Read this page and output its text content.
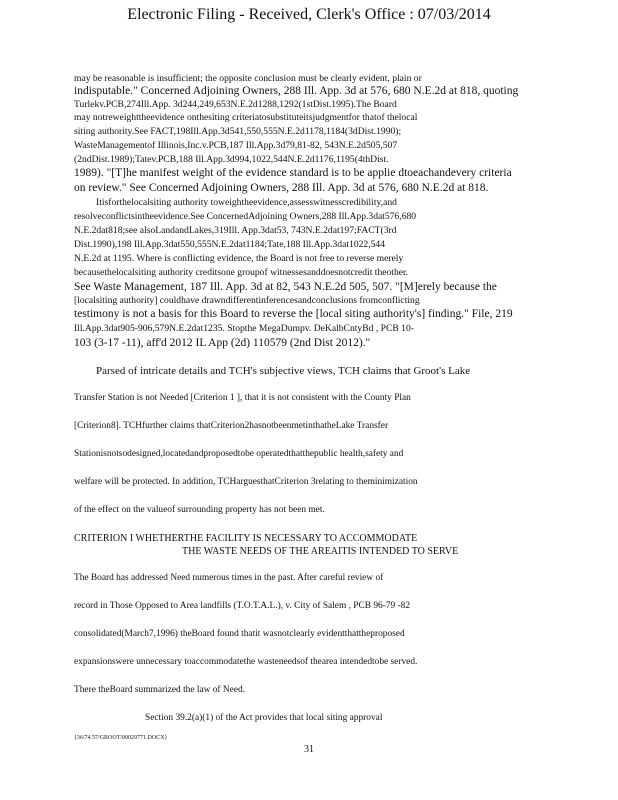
Electronic Filing - Received, Clerk's Office : 07/03/2014
may be reasonable is insufficient; the opposite conclusion must be clearly evident, plain or
indisputable." Concerned Adjoining Owners, 288 Ill. App. 3d at 576, 680 N.E.2d at 818, quoting
Turlekv.PCB,274Ill.App. 3d244,249,653N.E.2d1288,1292(1stDist.1995).The Board
may notreweighttheevidence onthesiting criteriatosubstituteitsjudgmentfor thatof thelocal
siting authority.See FACT,198Ill.App.3d541,550,555N.E.2d1178,1184(3dDist.1990);
WasteManagementof Illinois,Inc.v.PCB,187 Ill.App.3d79,81-82, 543N.E.2d505,507
(2ndDist.1989);Tatev.PCB,188 Ill.App.3d994,1022,544N.E.2d1176,1195(4thDist.
1989). "[T]he manifest weight of the evidence standard is to be applie dtoeachandevery criteria
on review." See Concerned Adjoining Owners, 288 Ill. App. 3d at 576, 680 N.E.2d at 818.
Itisforthelocalsiting authority toweightheevidence,assesswitnesscredibility,and
resolveconflictsintheevidence.See ConcernedAdjoining Owners,288 Ill.App.3dat576,680
N.E.2dat818;see alsoLandandLakes,319Ill. App.3dat53, 743N.E.2dat197;FACT(3rd
Dist.1990),198 Ill.App.3dat550,555N.E.2dat1184;Tate,188 Ill.App.3dat1022,544
N.E.2d at 1195. Where is conflicting evidence, the Board is not free to reverse merely
becausethelocalsiting authority creditsone groupof witnessesanddoesnotcredit theother.
See Waste Management, 187 Ill. App. 3d at 82, 543 N.E.2d 505, 507. "[M]erely because the
[localsiting authority] couldhave drawndifferentinferencesandconclusions fromconflicting
testimony is not a basis for this Board to reverse the [local siting authority's] finding." File, 219
Ill.App.3dat905-906,579N.E.2dat1235. Stopthe MegaDumpv. DeKalbCntyBd , PCB 10-
103 (3-17 -11), aff'd 2012 IL App (2d) 110579 (2nd Dist 2012)."
Parsed of intricate details and TCH's subjective views, TCH claims that Groot's Lake
Transfer Station is not Needed [Criterion 1 ], that it is not consistent with the County Plan
[Criterion8]. TCHfurther claims thatCriterion2hasnotbeenmetinthatheLake Transfer
Stationisnotsodesigned,locatedandproposedtobe operatedthatthepublic health,safety and
welfare will be protected. In addition, TCHarguesthatCriterion 3relating to theminimization
of the effect on the valueof surrounding property has not been met.
CRITERION I WHETHERTHE FACILITY IS NECESSARY TO ACCOMMODATE
THE WASTE NEEDS OF THE AREAITIS INTENDED TO SERVE
The Board has addressed Need numerous times in the past. After careful review of
record in Those Opposed to Area landfills (T.O.T.A.L.), v. City of Salem , PCB 96-79 -82
consolidated(March7,1996) theBoard found thatit wasnotclearly evidentthattheproposed
expansionswere unnecessary toaccommodatethe wasteneedsof thearea intendedtobe served.
There theBoard summarized the law of Need.
Section 39.2(a)(1) of the Act provides that local siting approval
{36/74.57/GROOT/00029771.DOCX}
31
